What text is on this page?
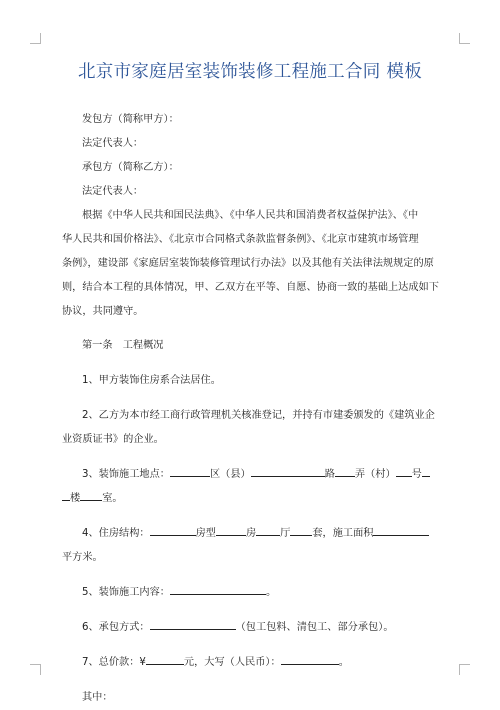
北京市家庭居室装饰装修工程施工合同 模板
发包方（简称甲方）：
法定代表人：
承包方（简称乙方）：
法定代表人：
根据《中华人民共和国民法典》、《中华人民共和国消费者权益保护法》、《中
华人民共和国价格法》、《北京市合同格式条款监督条例》、《北京市建筑市场管理
条例》，建设部《家庭居室装饰装修管理试行办法》以及其他有关法律法规规定的原
则，结合本工程的具体情况，甲、乙双方在平等、自愿、协商一致的基础上达成如下
协议，共同遵守。
第一条　工程概况
1、甲方装饰住房系合法居住。
2、乙方为本市经工商行政管理机关核准登记，并持有市建委颁发的《建筑业企
业资质证书》的企业。
3、装饰施工地点：	区（县）	路 弄（村） 号
楼 室。
4、住房结构：	房型	房 厅 套，施工面积
平方米。
5、装饰施工内容：	。
6、承包方式：	（包工包料、清包工、部分承包）。
7、总价款：¥	元，大写（人民币）：	。
其中：
